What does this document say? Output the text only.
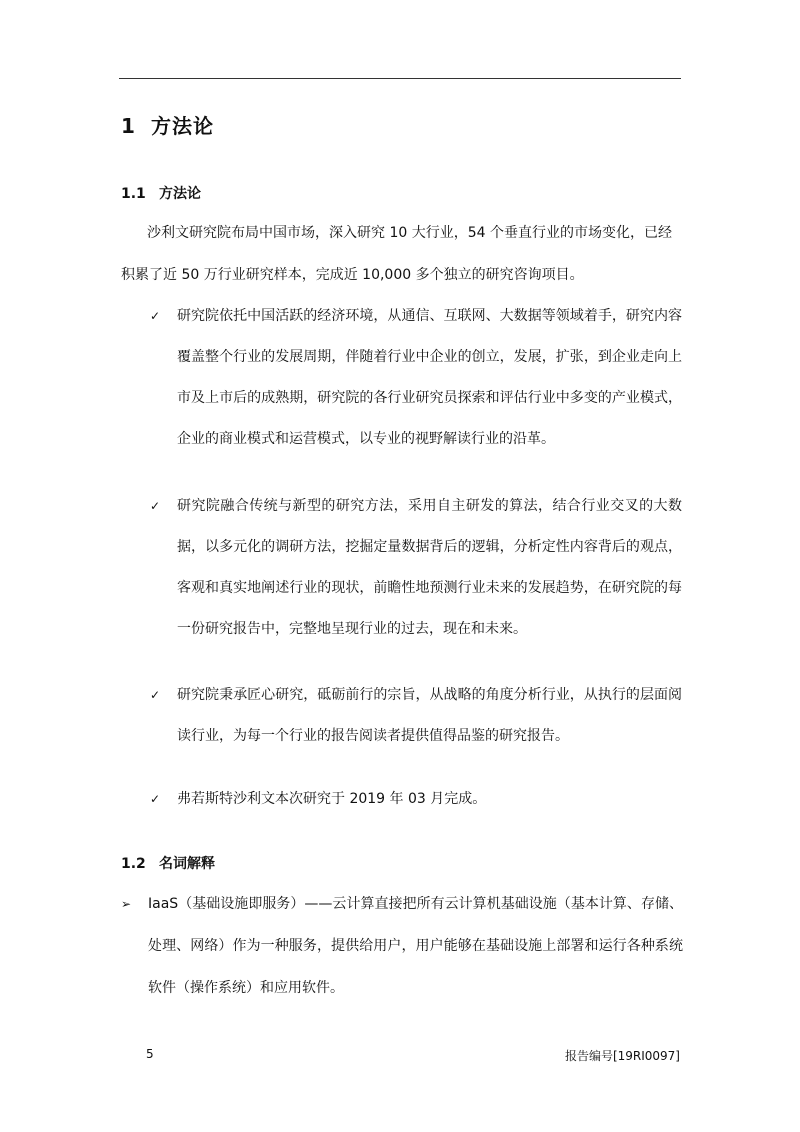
1 方法论
1.1 方法论
沙利文研究院布局中国市场，深入研究 10 大行业，54 个垂直行业的市场变化，已经积累了近 50 万行业研究样本，完成近 10,000 多个独立的研究咨询项目。
✓ 研究院依托中国活跃的经济环境，从通信、互联网、大数据等领域着手，研究内容覆盖整个行业的发展周期，伴随着行业中企业的创立，发展，扩张，到企业走向上市及上市后的成熟期，研究院的各行业研究员探索和评估行业中多变的产业模式，企业的商业模式和运营模式，以专业的视野解读行业的沿革。
✓ 研究院融合传统与新型的研究方法，采用自主研发的算法，结合行业交叉的大数据，以多元化的调研方法，挖掘定量数据背后的逻辑，分析定性内容背后的观点，客观和真实地阐述行业的现状，前瞻性地预测行业未来的发展趋势，在研究院的每一份研究报告中，完整地呈现行业的过去，现在和未来。
✓ 研究院秉承匠心研究，砥砺前行的宗旨，从战略的角度分析行业，从执行的层面阅读行业，为每一个行业的报告阅读者提供值得品鉴的研究报告。
✓ 弗若斯特沙利文本次研究于 2019 年 03 月完成。
1.2 名词解释
➢ IaaS（基础设施即服务）——云计算直接把所有云计算机基础设施（基本计算、存储、处理、网络）作为一种服务，提供给用户，用户能够在基础设施上部署和运行各种系统软件（操作系统）和应用软件。
5	报告编号[19RI0097]
